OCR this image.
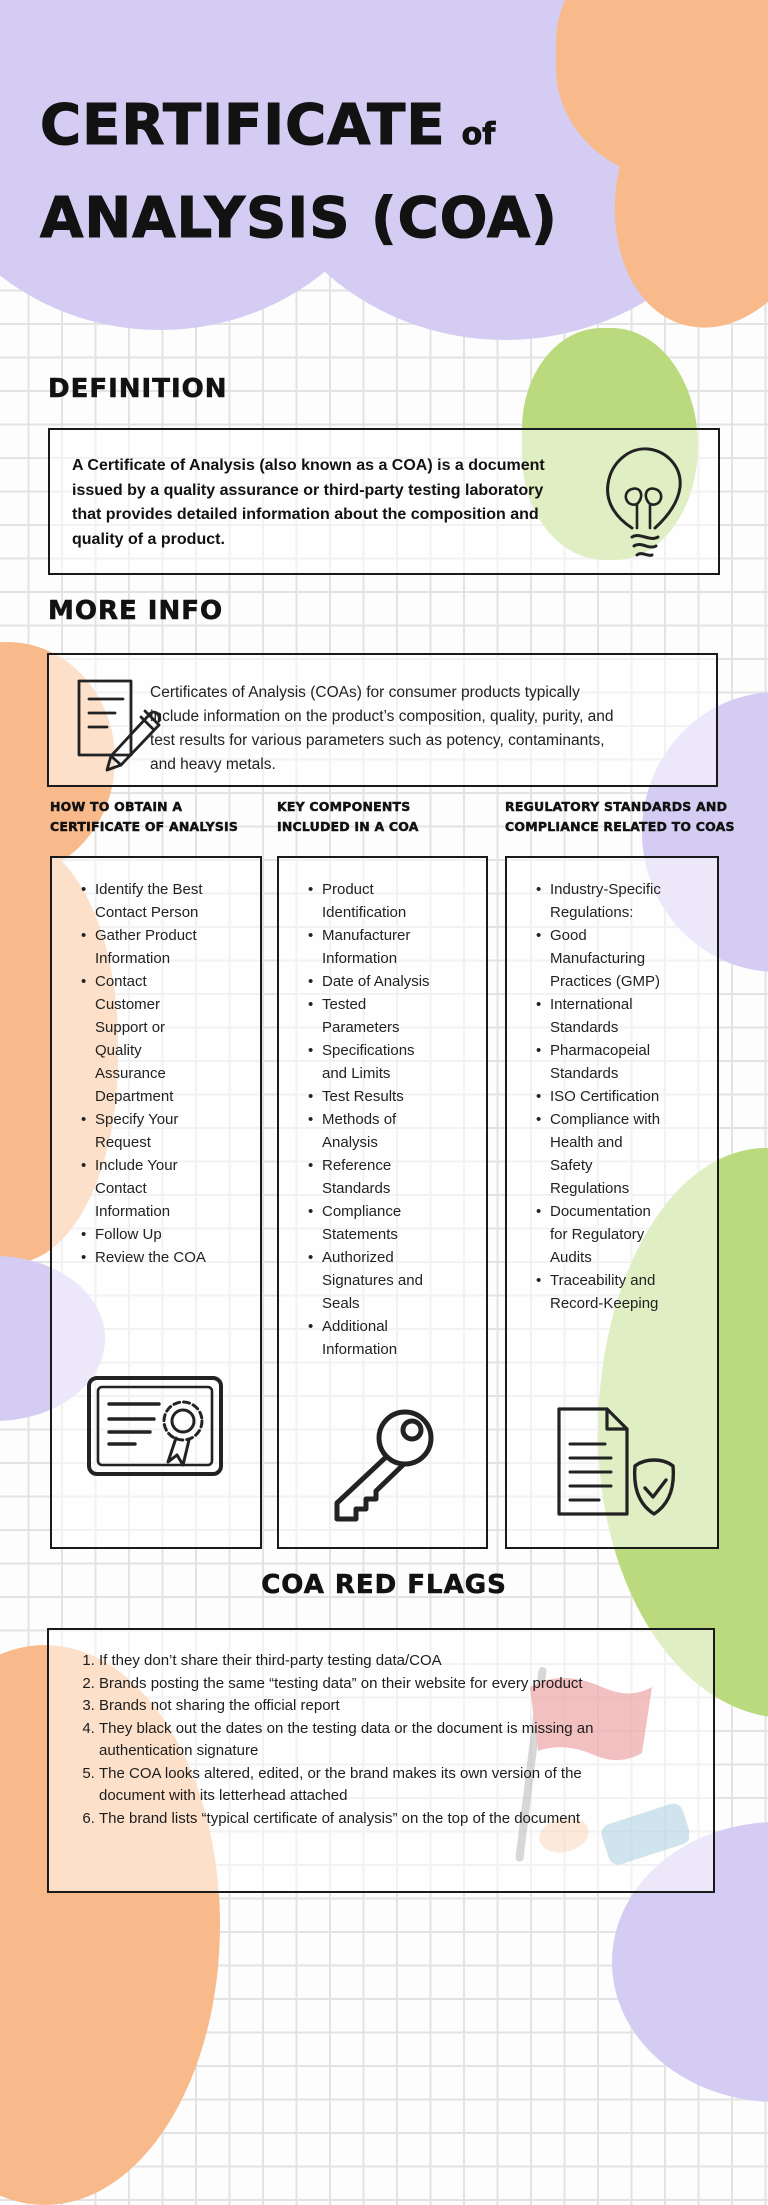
CERTIFICATE of
ANALYSIS (COA)
DEFINITION

A Certificate of Analysis (also known as a COA) is a document issued by a quality assurance or third-party testing laboratory that provides detailed information about the composition and quality of a product.

MORE INFO

Certificates of Analysis (COAs) for consumer products typically include information on the product’s composition, quality, purity, and test results for various parameters such as potency, contaminants, and heavy metals.

HOW TO OBTAIN A CERTIFICATE OF ANALYSIS
KEY COMPONENTS INCLUDED IN A COA
REGULATORY STANDARDS AND COMPLIANCE RELATED TO COAS
• Identify the Best Contact Person
• Gather Product Information
• Contact Customer Support or Quality Assurance Department
• Specify Your Request
• Include Your Contact Information
• Follow Up
• Review the COA
• Product Identification
• Manufacturer Information
• Date of Analysis
• Tested Parameters
• Specifications and Limits
• Test Results
• Methods of Analysis
• Reference Standards
• Compliance Statements
• Authorized Signatures and Seals
• Additional Information
• Industry-Specific Regulations:
• Good Manufacturing Practices (GMP)
• International Standards
• Pharmacopeial Standards
• ISO Certification
• Compliance with Health and Safety Regulations
• Documentation for Regulatory Audits
• Traceability and Record-Keeping
COA RED FLAGS
1. If they don’t share their third-party testing data/COA
2. Brands posting the same “testing data” on their website for every product
3. Brands not sharing the official report
4. They black out the dates on the testing data or the document is missing an authentication signature
5. The COA looks altered, edited, or the brand makes its own version of the document with its letterhead attached
6. The brand lists “typical certificate of analysis” on the top of the document
